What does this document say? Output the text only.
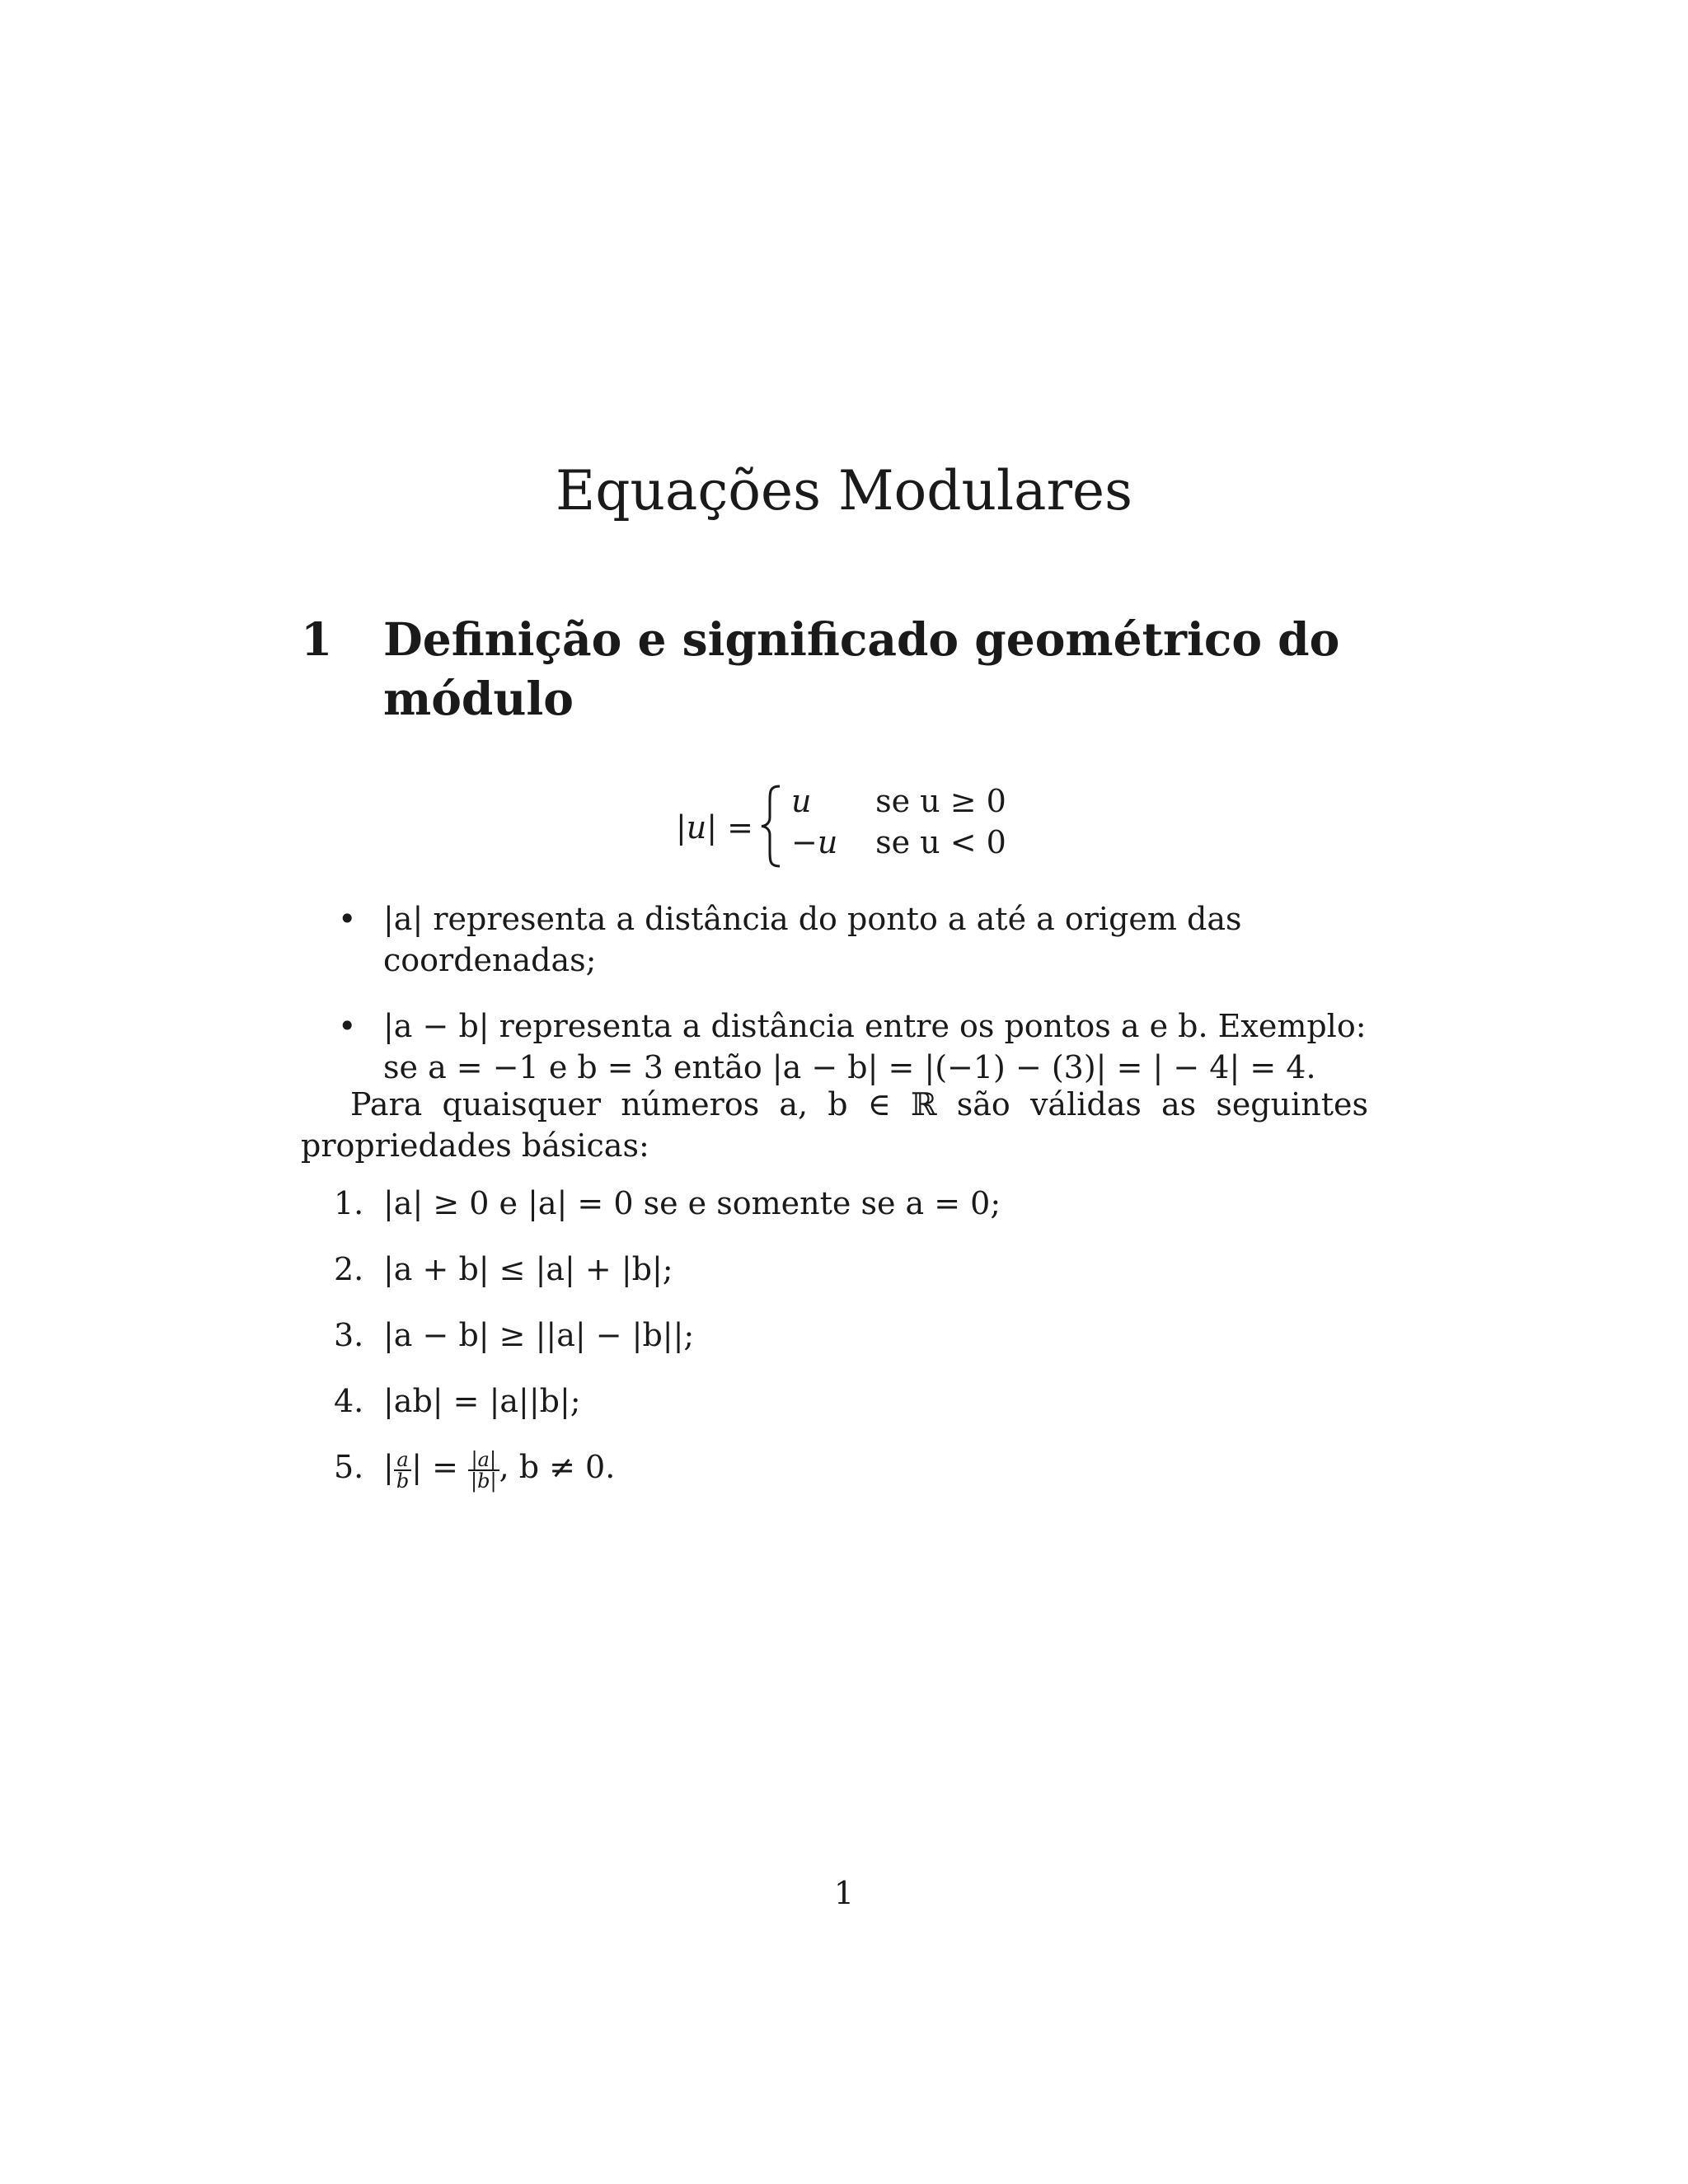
Equações Modulares
1 Definição e significado geométrico do módulo
|u| =
u se u ≥ 0
−u se u < 0
• |a| representa a distância do ponto a até a origem das coordenadas;
• |a − b| representa a distância entre os pontos a e b. Exemplo: se a = −1 e b = 3 então |a − b| = |(−1) − (3)| = | − 4| = 4.

Para quaisquer números a, b ∈ ℝ são válidas as seguintes propriedades básicas:

1. |a| ≥ 0 e |a| = 0 se e somente se a = 0;
2. |a + b| ≤ |a| + |b|;
3. |a − b| ≥ ||a| − |b||;
4. |ab| = |a||b|;
5. | $\frac{a}{b}$ | = $\frac{|a|}{|b|}$ , b ≠ 0.
1
